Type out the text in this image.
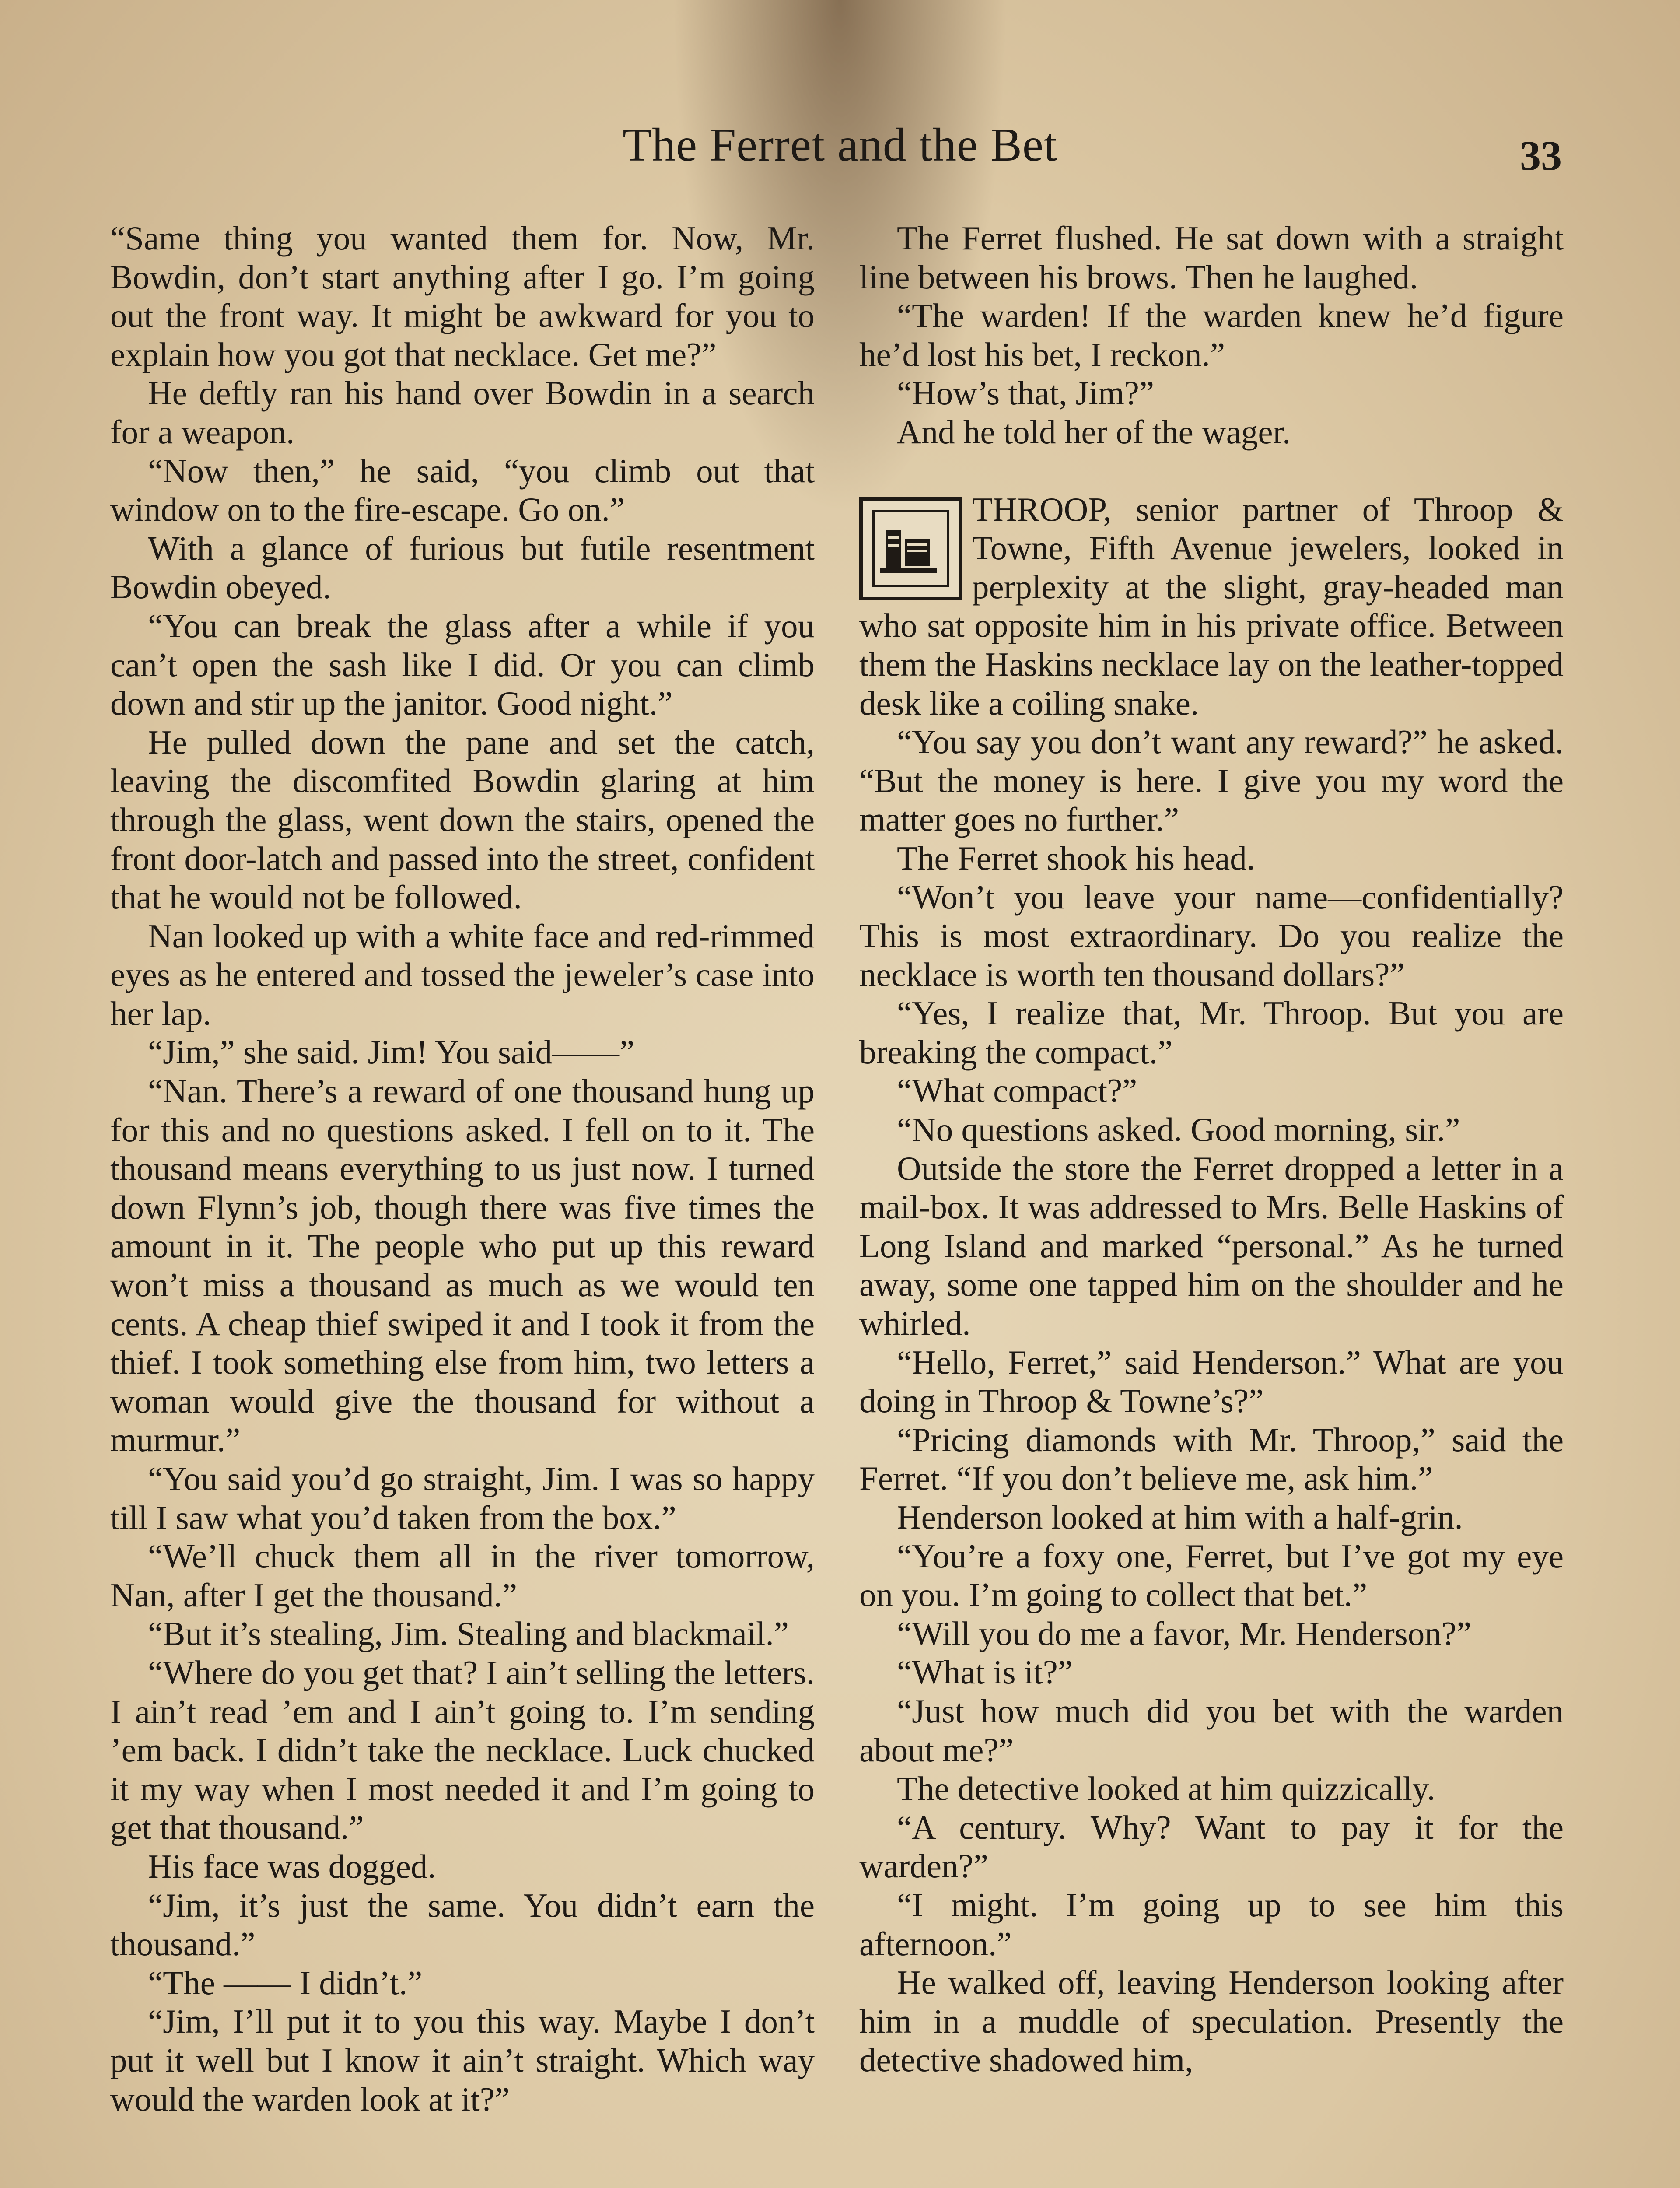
The Ferret and the Bet	33

“Same thing you wanted them for. Now, Mr. Bowdin, don’t start anything after I go. I’m going out the front way. It might be awkward for you to explain how you got that necklace. Get me?”

He deftly ran his hand over Bowdin in a search for a weapon.

“Now then,” he said, “you climb out that window on to the fire-escape. Go on.”

With a glance of furious but futile resentment Bowdin obeyed.

“You can break the glass after a while if you can’t open the sash like I did. Or you can climb down and stir up the janitor. Good night.”

He pulled down the pane and set the catch, leaving the discomfited Bowdin glaring at him through the glass, went down the stairs, opened the front door-latch and passed into the street, confident that he would not be followed.

Nan looked up with a white face and red-rimmed eyes as he entered and tossed the jeweler’s case into her lap.

“Jim,” she said. Jim! You said——”

“Nan. There’s a reward of one thousand hung up for this and no questions asked. I fell on to it. The thousand means everything to us just now. I turned down Flynn’s job, though there was five times the amount in it. The people who put up this reward won’t miss a thousand as much as we would ten cents. A cheap thief swiped it and I took it from the thief. I took something else from him, two letters a woman would give the thousand for without a murmur.”

“You said you’d go straight, Jim. I was so happy till I saw what you’d taken from the box.”

“We’ll chuck them all in the river tomorrow, Nan, after I get the thousand.”

“But it’s stealing, Jim. Stealing and blackmail.”

“Where do you get that? I ain’t selling the letters. I ain’t read ’em and I ain’t going to. I’m sending ’em back. I didn’t take the necklace. Luck chucked it my way when I most needed it and I’m going to get that thousand.”

His face was dogged.

“Jim, it’s just the same. You didn’t earn the thousand.”

“The —— I didn’t.”

“Jim, I’ll put it to you this way. Maybe I don’t put it well but I know it ain’t straight. Which way would the warden look at it?”

The Ferret flushed. He sat down with a straight line between his brows. Then he laughed.

“The warden! If the warden knew he’d figure he’d lost his bet, I reckon.”

“How’s that, Jim?”

And he told her of the wager.

THROOP, senior partner of Throop & Towne, Fifth Avenue jewelers, looked in perplexity at the slight, gray-headed man who sat opposite him in his private office. Between them the Haskins necklace lay on the leather-topped desk like a coiling snake.

“You say you don’t want any reward?” he asked. “But the money is here. I give you my word the matter goes no further.”

The Ferret shook his head.

“Won’t you leave your name—confidentially? This is most extraordinary. Do you realize the necklace is worth ten thousand dollars?”

“Yes, I realize that, Mr. Throop. But you are breaking the compact.”

“What compact?”

“No questions asked. Good morning, sir.”

Outside the store the Ferret dropped a letter in a mail-box. It was addressed to Mrs. Belle Haskins of Long Island and marked “personal.” As he turned away, some one tapped him on the shoulder and he whirled.

“Hello, Ferret,” said Henderson.” What are you doing in Throop & Towne’s?”

“Pricing diamonds with Mr. Throop,” said the Ferret. “If you don’t believe me, ask him.”

Henderson looked at him with a half-grin.

“You’re a foxy one, Ferret, but I’ve got my eye on you. I’m going to collect that bet.”

“Will you do me a favor, Mr. Henderson?”

“What is it?”

“Just how much did you bet with the warden about me?”

The detective looked at him quizzically.

“A century. Why? Want to pay it for the warden?”

“I might. I’m going up to see him this afternoon.”

He walked off, leaving Henderson looking after him in a muddle of speculation. Presently the detective shadowed him,
